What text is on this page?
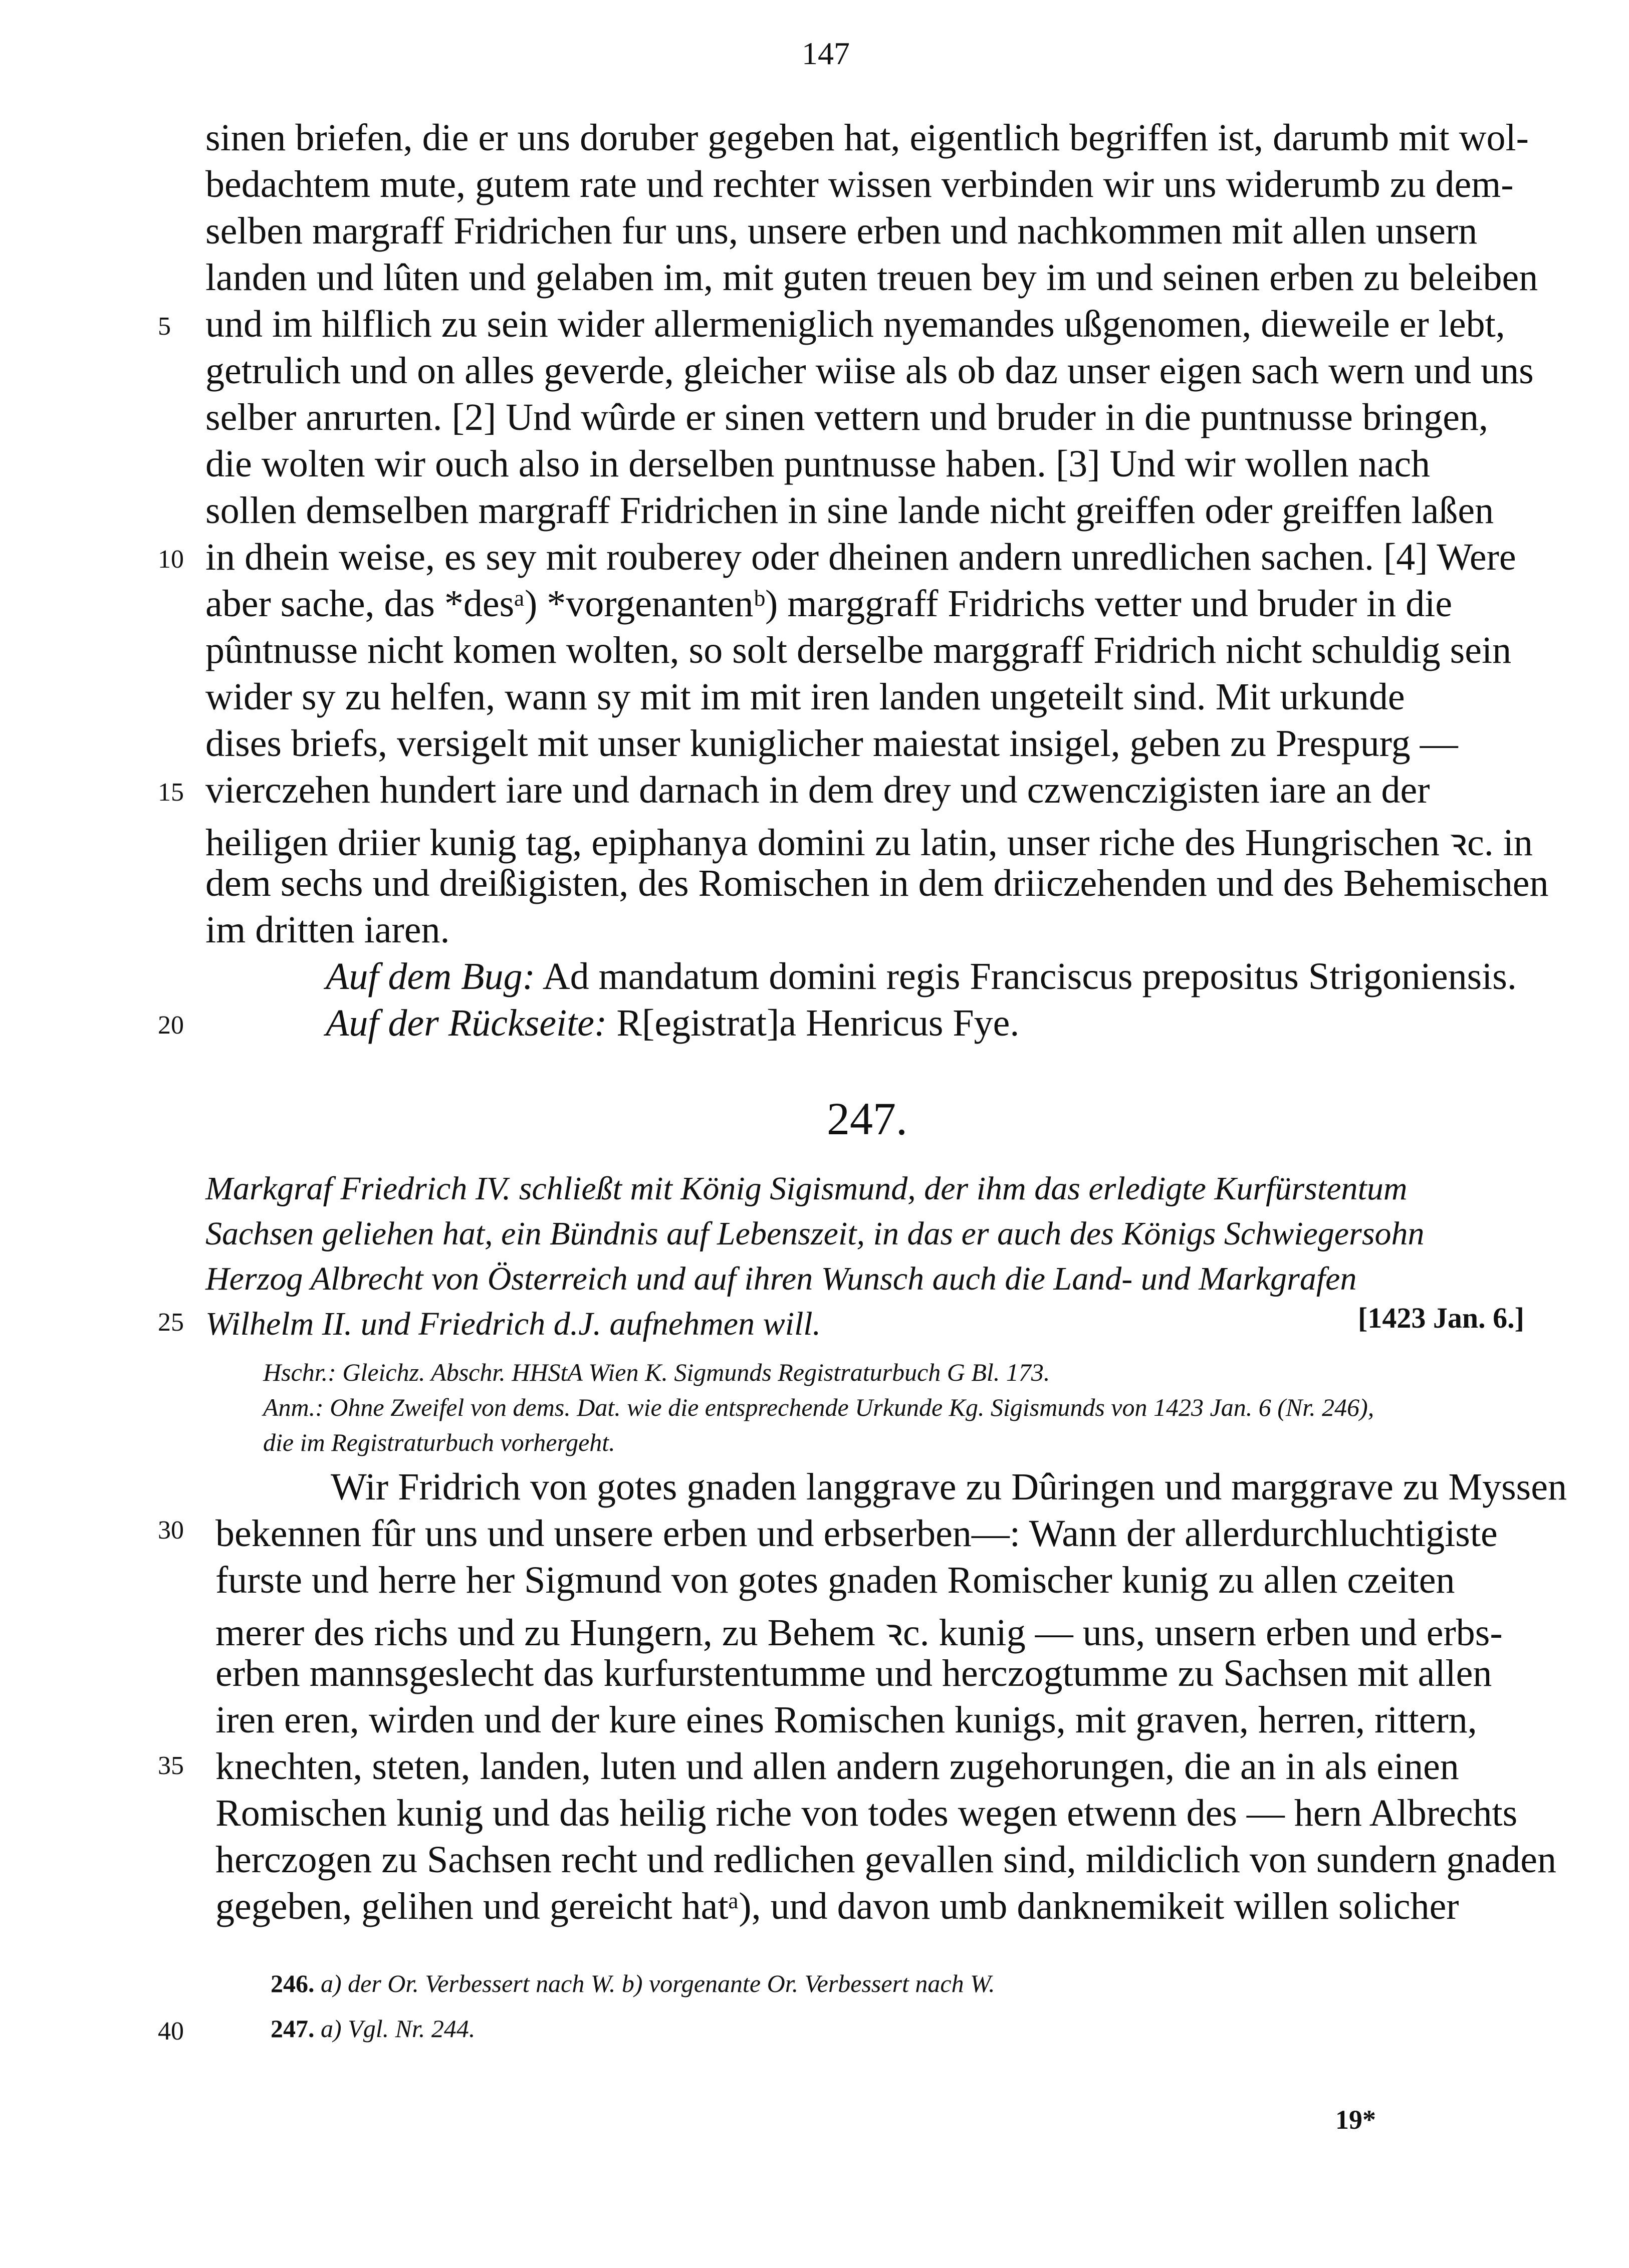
147
sinen briefen, die er uns doruber gegeben hat, eigentlich begriffen ist, darumb mit wol-
bedachtem mute, gutem rate und rechter wissen verbinden wir uns widerumb zu dem-
selben margraff Fridrichen fur uns, unsere erben und nachkommen mit allen unsern
landen und lûten und gelaben im, mit guten treuen bey im und seinen erben zu beleiben
und im hilflich zu sein wider allermeniglich nyemandes ußgenomen, dieweile er lebt,
getrulich und on alles geverde, gleicher wiise als ob daz unser eigen sach wern und uns
selber anrurten. [2] Und wûrde er sinen vettern und bruder in die puntnusse bringen,
die wolten wir ouch also in derselben puntnusse haben. [3] Und wir wollen nach
sollen demselben margraff Fridrichen in sine lande nicht greiffen oder greiffen laßen
in dhein weise, es sey mit rouberey oder dheinen andern unredlichen sachen. [4] Were
aber sache, das *desᵃ) *vorgenantenᵇ) marggraff Fridrichs vetter und bruder in die
pûntnusse nicht komen wolten, so solt derselbe marggraff Fridrich nicht schuldig sein
wider sy zu helfen, wann sy mit im mit iren landen ungeteilt sind. Mit urkunde
dises briefs, versigelt mit unser kuniglicher maiestat insigel, geben zu Prespurg —
vierczehen hundert iare und darnach in dem drey und czwenczigisten iare an der
heiligen driier kunig tag, epiphanya domini zu latin, unser riche des Hungrischen ꝛc. in
dem sechs und dreißigisten, des Romischen in dem driiczehenden und des Behemischen
im dritten iaren.
Auf dem Bug: Ad mandatum domini regis Franciscus prepositus Strigoniensis.
Auf der Rückseite: R[egistrat]a Henricus Fye.
5
10
15
20
25
30
35
40
247.
Markgraf Friedrich IV. schließt mit König Sigismund, der ihm das erledigte Kurfürstentum
Sachsen geliehen hat, ein Bündnis auf Lebenszeit, in das er auch des Königs Schwiegersohn
Herzog Albrecht von Österreich und auf ihren Wunsch auch die Land- und Markgrafen
Wilhelm II. und Friedrich d.J. aufnehmen will.	[1423 Jan. 6.]
Hschr.: Gleichz. Abschr. HHStA Wien K. Sigmunds Registraturbuch G Bl. 173.
Anm.: Ohne Zweifel von dems. Dat. wie die entsprechende Urkunde Kg. Sigismunds von 1423 Jan. 6 (Nr. 246),
die im Registraturbuch vorhergeht.
Wir Fridrich von gotes gnaden langgrave zu Dûringen und marggrave zu Myssen
bekennen fûr uns und unsere erben und erbserben—: Wann der allerdurchluchtigiste
furste und herre her Sigmund von gotes gnaden Romischer kunig zu allen czeiten
merer des richs und zu Hungern, zu Behem ꝛc. kunig — uns, unsern erben und erbs-
erben mannsgeslecht das kurfurstentumme und herczogtumme zu Sachsen mit allen
iren eren, wirden und der kure eines Romischen kunigs, mit graven, herren, rittern,
knechten, steten, landen, luten und allen andern zugehorungen, die an in als einen
Romischen kunig und das heilig riche von todes wegen etwenn des — hern Albrechts
herczogen zu Sachsen recht und redlichen gevallen sind, mildiclich von sundern gnaden
gegeben, gelihen und gereicht hatᵃ), und davon umb danknemikeit willen solicher
246. a) der Or. Verbessert nach W. b) vorgenante Or. Verbessert nach W.
247. a) Vgl. Nr. 244.
19*
